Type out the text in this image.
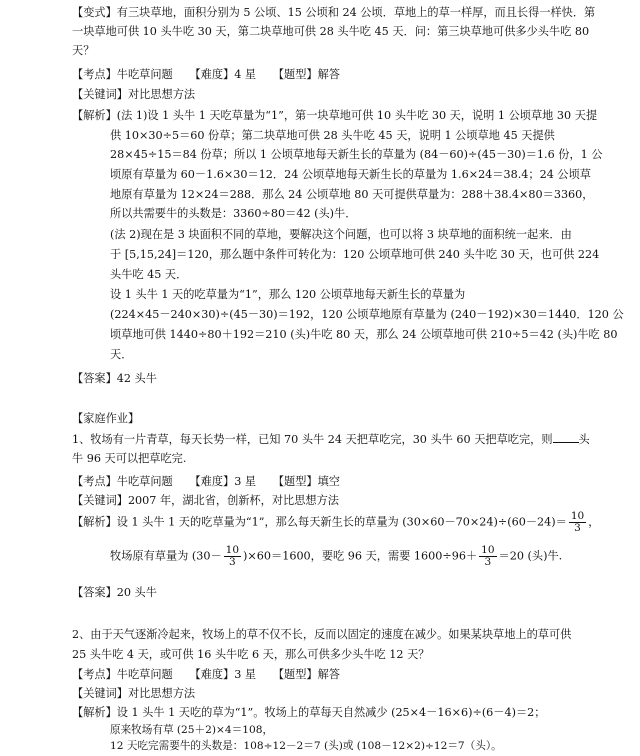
【变式】有三块草地，面积分别为 5 公顷、15 公顷和 24 公顷．草地上的草一样厚，而且长得一样快．第
一块草地可供 10 头牛吃 30 天，第二块草地可供 28 头牛吃 45 天．问：第三块草地可供多少头牛吃 80
天？
【考点】牛吃草问题　　【难度】4 星　　【题型】解答
【关键词】对比思想方法
【解析】(法 1)设 1 头牛 1 天吃草量为“1”，第一块草地可供 10 头牛吃 30 天，说明 1 公顷草地 30 天提
供 10×30÷5＝60 份草；第二块草地可供 28 头牛吃 45 天，说明 1 公顷草地 45 天提供
28×45÷15＝84 份草；所以 1 公顷草地每天新生长的草量为 (84－60)÷(45－30)＝1.6 份，1 公
顷原有草量为 60－1.6×30＝12．24 公顷草地每天新生长的草量为 1.6×24＝38.4；24 公顷草
地原有草量为 12×24＝288．那么 24 公顷草地 80 天可提供草量为：288＋38.4×80＝3360，
所以共需要牛的头数是：3360÷80＝42 (头)牛．
(法 2)现在是 3 块面积不同的草地，要解决这个问题，也可以将 3 块草地的面积统一起来．由
于 [5,15,24]＝120，那么题中条件可转化为：120 公顷草地可供 240 头牛吃 30 天，也可供 224
头牛吃 45 天．
设 1 头牛 1 天的吃草量为“1”，那么 120 公顷草地每天新生长的草量为
(224×45－240×30)÷(45－30)＝192，120 公顷草地原有草量为 (240－192)×30＝1440．120 公
顷草地可供 1440÷80＋192＝210 (头)牛吃 80 天，那么 24 公顷草地可供 210÷5＝42 (头)牛吃 80
天．
【答案】42 头牛
【家庭作业】
1、牧场有一片青草，每天长势一样，已知 70 头牛 24 天把草吃完，30 头牛 60 天把草吃完，则 头
牛 96 天可以把草吃完.
【考点】牛吃草问题　　【难度】3 星　　【题型】填空
【关键词】2007 年，湖北省，创新杯，对比思想方法
【解析】设 1 头牛 1 天的吃草量为“1”，那么每天新生长的草量为 $(30\times 60-70\times 24)\div(60-24)= \frac{10}{3}$ ，
牧场原有草量为 $(30- \frac{10}{3} )\times 60=1600$，要吃 96 天，需要 $1600\div 96+ \frac{10}{3} =20$ (头)牛.
【答案】20 头牛
2、由于天气逐渐冷起来，牧场上的草不仅不长，反而以固定的速度在减少。如果某块草地上的草可供
25 头牛吃 4 天，或可供 16 头牛吃 6 天，那么可供多少头牛吃 12 天？
【考点】牛吃草问题　　【难度】3 星　　【题型】解答
【关键词】对比思想方法
【解析】设 1 头牛 1 天吃的草为“1”。牧场上的草每天自然减少 (25×4－16×6)÷(6－4)＝2；
原来牧场有草 (25＋2)×4＝108，
12 天吃完需要牛的头数是：108÷12－2＝7 (头)或 (108－12×2)÷12＝7（头）。
